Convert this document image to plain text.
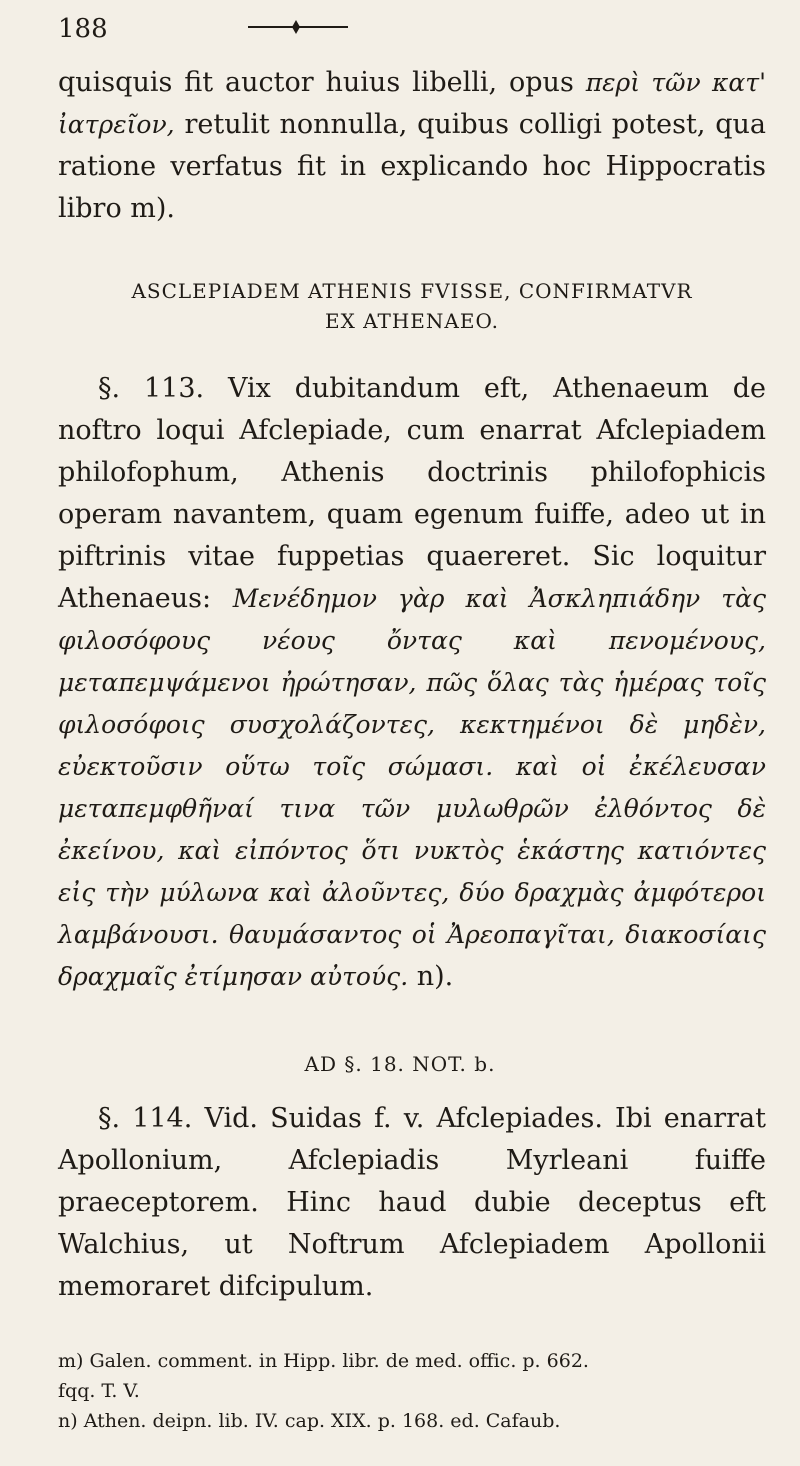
188
quisquis fit auctor huius libelli, opus περὶ τῶν κατ' ἰατρεῖον, retulit nonnulla, quibus colligi potest, qua ratione verfatus fit in explicando hoc Hippocratis libro m).
ASCLEPIADEM ATHENIS FVISSE, CONFIRMATVR
EX ATHENAEO.
§. 113. Vix dubitandum eft, Athenaeum de noftro loqui Afclepiade, cum enarrat Afclepiadem philofophum, Athenis doctrinis philofophicis operam navantem, quam egenum fuiffe, adeo ut in piftrinis vitae fuppetias quaereret. Sic loquitur Athenaeus: Μενέδημον γὰρ καὶ Ἀσκληπιάδην τὰς φιλοσόφους νέους ὄντας καὶ πενομένους, μεταπεμψάμενοι ἠρώτησαν, πῶς ὅλας τὰς ἡμέρας τοῖς φιλοσόφοις συσχολάζοντες, κεκτημένοι δὲ μηδὲν, εὐεκτοῦσιν οὕτω τοῖς σώμασι. καὶ οἱ ἐκέλευσαν μεταπεμφθῆναί τινα τῶν μυλωθρῶν ἐλθόντος δὲ ἐκείνου, καὶ εἰπόντος ὅτι νυκτὸς ἑκάστης κατιόντες εἰς τὴν μύλωνα καὶ ἀλοῦντες, δύο δραχμὰς ἀμφότεροι λαμβάνουσι. θαυμάσαντος οἱ Ἀρεοπαγῖται, διακοσίαις δραχμαῖς ἐτίμησαν αὐτούς. n).
AD §. 18. NOT. b.
§. 114. Vid. Suidas f. v. Afclepiades. Ibi enarrat Apollonium, Afclepiadis Myrleani fuiffe praeceptorem. Hinc haud dubie deceptus eft Walchius, ut Noftrum Afclepiadem Apollonii memoraret difcipulum.
m) Galen. comment. in Hipp. libr. de med. offic. p. 662.
fqq. T. V.
n) Athen. deipn. lib. IV. cap. XIX. p. 168. ed. Cafaub.
